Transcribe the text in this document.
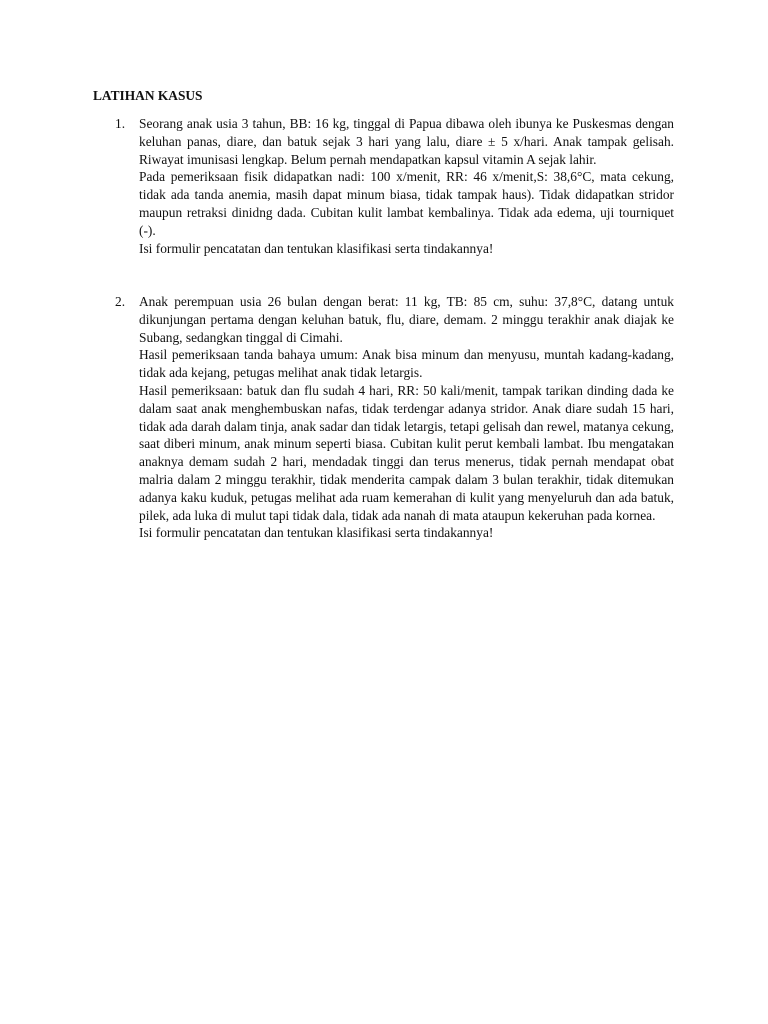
LATIHAN KASUS
1.	Seorang anak usia 3 tahun, BB: 16 kg, tinggal di Papua dibawa oleh ibunya ke Puskesmas dengan keluhan panas, diare, dan batuk sejak 3 hari yang lalu, diare ± 5 x/hari. Anak tampak gelisah. Riwayat imunisasi lengkap. Belum pernah mendapatkan kapsul vitamin A sejak lahir.

Pada pemeriksaan fisik didapatkan nadi: 100 x/menit, RR: 46 x/menit,S: 38,6°C, mata cekung, tidak ada tanda anemia, masih dapat minum biasa, tidak tampak haus). Tidak didapatkan stridor maupun retraksi dinidng dada. Cubitan kulit lambat kembalinya. Tidak ada edema, uji tourniquet (-).

Isi formulir pencatatan dan tentukan klasifikasi serta tindakannya!

2.	Anak perempuan usia 26 bulan dengan berat: 11 kg, TB: 85 cm, suhu: 37,8°C, datang untuk dikunjungan pertama dengan keluhan batuk, flu, diare, demam. 2 minggu terakhir anak diajak ke Subang, sedangkan tinggal di Cimahi.

Hasil pemeriksaan tanda bahaya umum: Anak bisa minum dan menyusu, muntah kadang-kadang, tidak ada kejang, petugas melihat anak tidak letargis.

Hasil pemeriksaan: batuk dan flu sudah 4 hari, RR: 50 kali/menit, tampak tarikan dinding dada ke dalam saat anak menghembuskan nafas, tidak terdengar adanya stridor. Anak diare sudah 15 hari, tidak ada darah dalam tinja, anak sadar dan tidak letargis, tetapi gelisah dan rewel, matanya cekung, saat diberi minum, anak minum seperti biasa. Cubitan kulit perut kembali lambat. Ibu mengatakan anaknya demam sudah 2 hari, mendadak tinggi dan terus menerus, tidak pernah mendapat obat malria dalam 2 minggu terakhir, tidak menderita campak dalam 3 bulan terakhir, tidak ditemukan adanya kaku kuduk, petugas melihat ada ruam kemerahan di kulit yang menyeluruh dan ada batuk, pilek, ada luka di mulut tapi tidak dala, tidak ada nanah di mata ataupun kekeruhan pada kornea.

Isi formulir pencatatan dan tentukan klasifikasi serta tindakannya!
